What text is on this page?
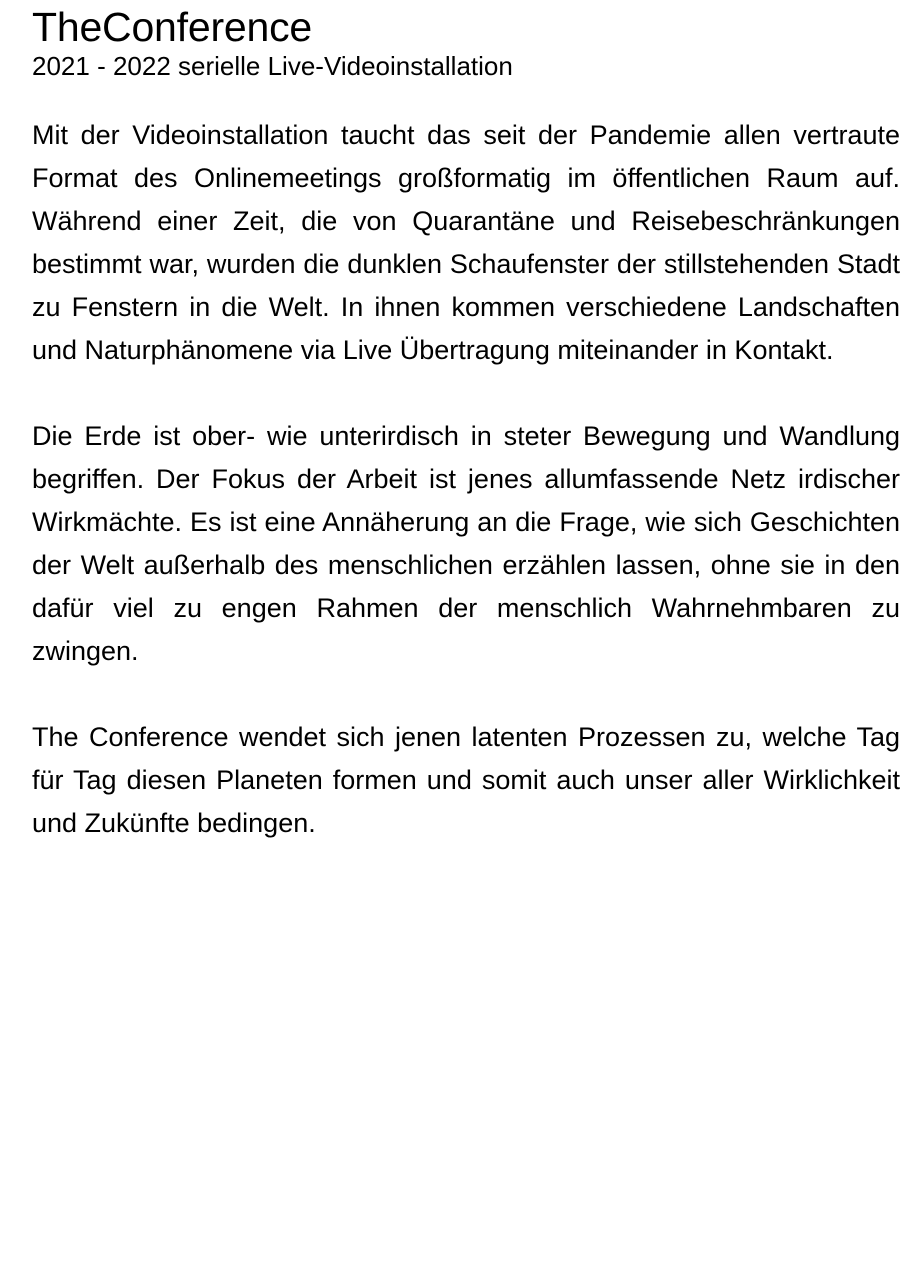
TheConference
2021 - 2022 serielle Live-Videoinstallation

Mit der Videoinstallation taucht das seit der Pandemie allen vertraute Format des Onlinemeetings großformatig im öffentlichen Raum auf. Während einer Zeit, die von Quarantäne und Reisebeschränkungen bestimmt war, wurden die dunklen Schaufenster der stillstehenden Stadt zu Fenstern in die Welt. In ihnen kommen verschiedene Landschaften und Naturphänomene via Live Übertragung miteinander in Kontakt.

Die Erde ist ober- wie unterirdisch in steter Bewegung und Wandlung begriffen. Der Fokus der Arbeit ist jenes allumfassende Netz irdischer Wirkmächte. Es ist eine Annäherung an die Frage, wie sich Geschichten der Welt außerhalb des menschlichen erzählen lassen, ohne sie in den dafür viel zu engen Rahmen der menschlich Wahrnehmbaren zu zwingen.

The Conference wendet sich jenen latenten Prozessen zu, welche Tag für Tag diesen Planeten formen und somit auch unser aller Wirklichkeit und Zukünfte bedingen.
